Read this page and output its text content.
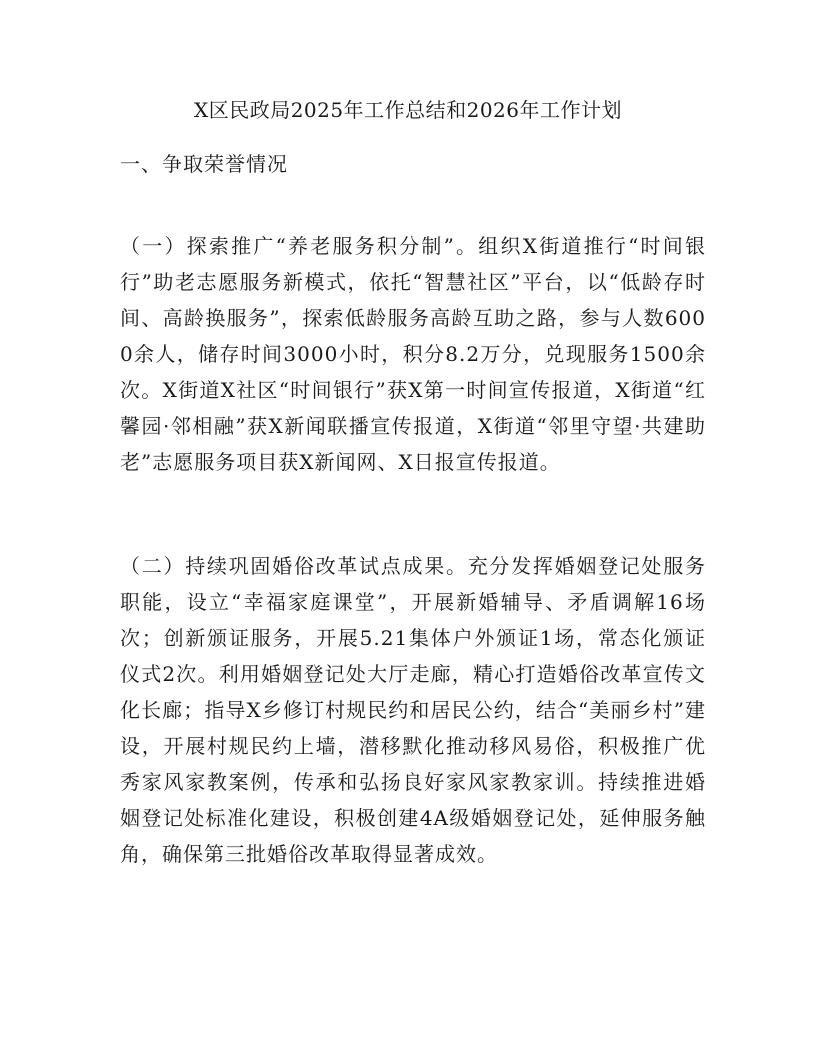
X区民政局2025年工作总结和2026年工作计划
一、争取荣誉情况

（一）探索推广“养老服务积分制”。组织X街道推行“时间银行”助老志愿服务新模式，依托“智慧社区”平台，以“低龄存时间、高龄换服务”，探索低龄服务高龄互助之路，参与人数6000余人，储存时间3000小时，积分8.2万分，兑现服务1500余次。X街道X社区“时间银行”获X第一时间宣传报道，X街道“红馨园·邻相融”获X新闻联播宣传报道，X街道“邻里守望·共建助老”志愿服务项目获X新闻网、X日报宣传报道。

（二）持续巩固婚俗改革试点成果。充分发挥婚姻登记处服务职能，设立“幸福家庭课堂”，开展新婚辅导、矛盾调解16场次；创新颁证服务，开展5.21集体户外颁证1场，常态化颁证仪式2次。利用婚姻登记处大厅走廊，精心打造婚俗改革宣传文化长廊；指导X乡修订村规民约和居民公约，结合“美丽乡村”建设，开展村规民约上墙，潜移默化推动移风易俗，积极推广优秀家风家教案例，传承和弘扬良好家风家教家训。持续推进婚姻登记处标准化建设，积极创建4A级婚姻登记处，延伸服务触角，确保第三批婚俗改革取得显著成效。
